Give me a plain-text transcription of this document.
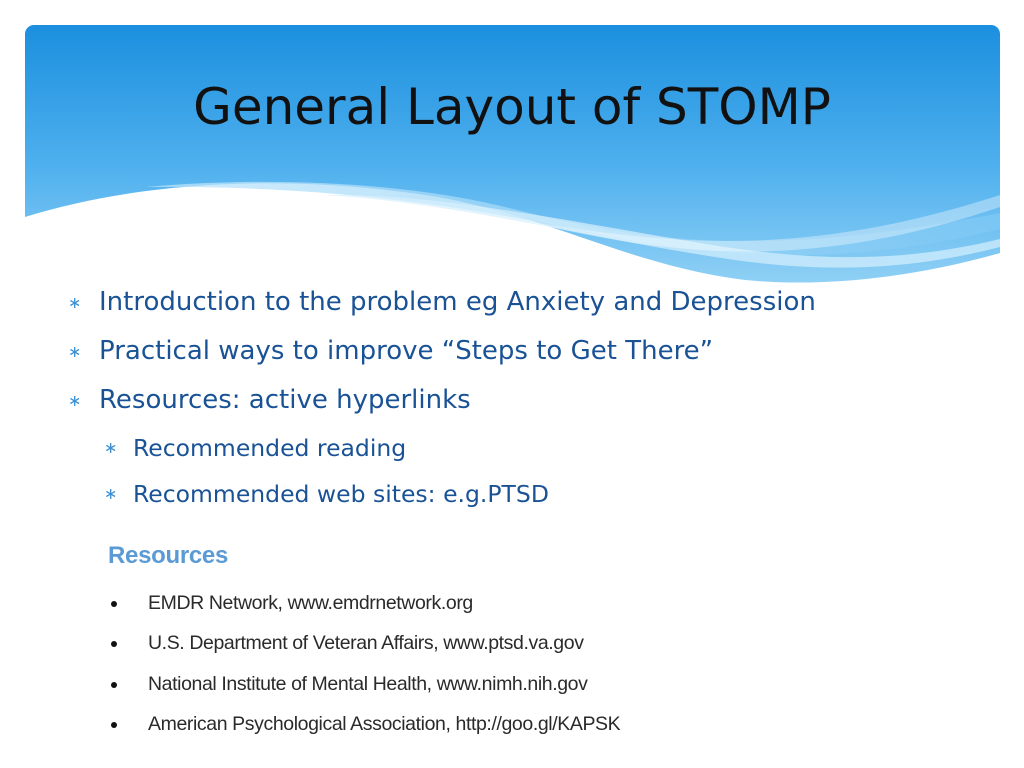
General Layout of STOMP
∗ Introduction to the problem eg Anxiety and Depression
∗ Practical ways to improve “Steps to Get There”
∗ Resources: active hyperlinks
∗ Recommended reading
∗ Recommended web sites: e.g.PTSD
Resources
EMDR Network, www.emdrnetwork.org
U.S. Department of Veteran Affairs, www.ptsd.va.gov
National Institute of Mental Health, www.nimh.nih.gov
American Psychological Association, http://goo.gl/KAPSK
